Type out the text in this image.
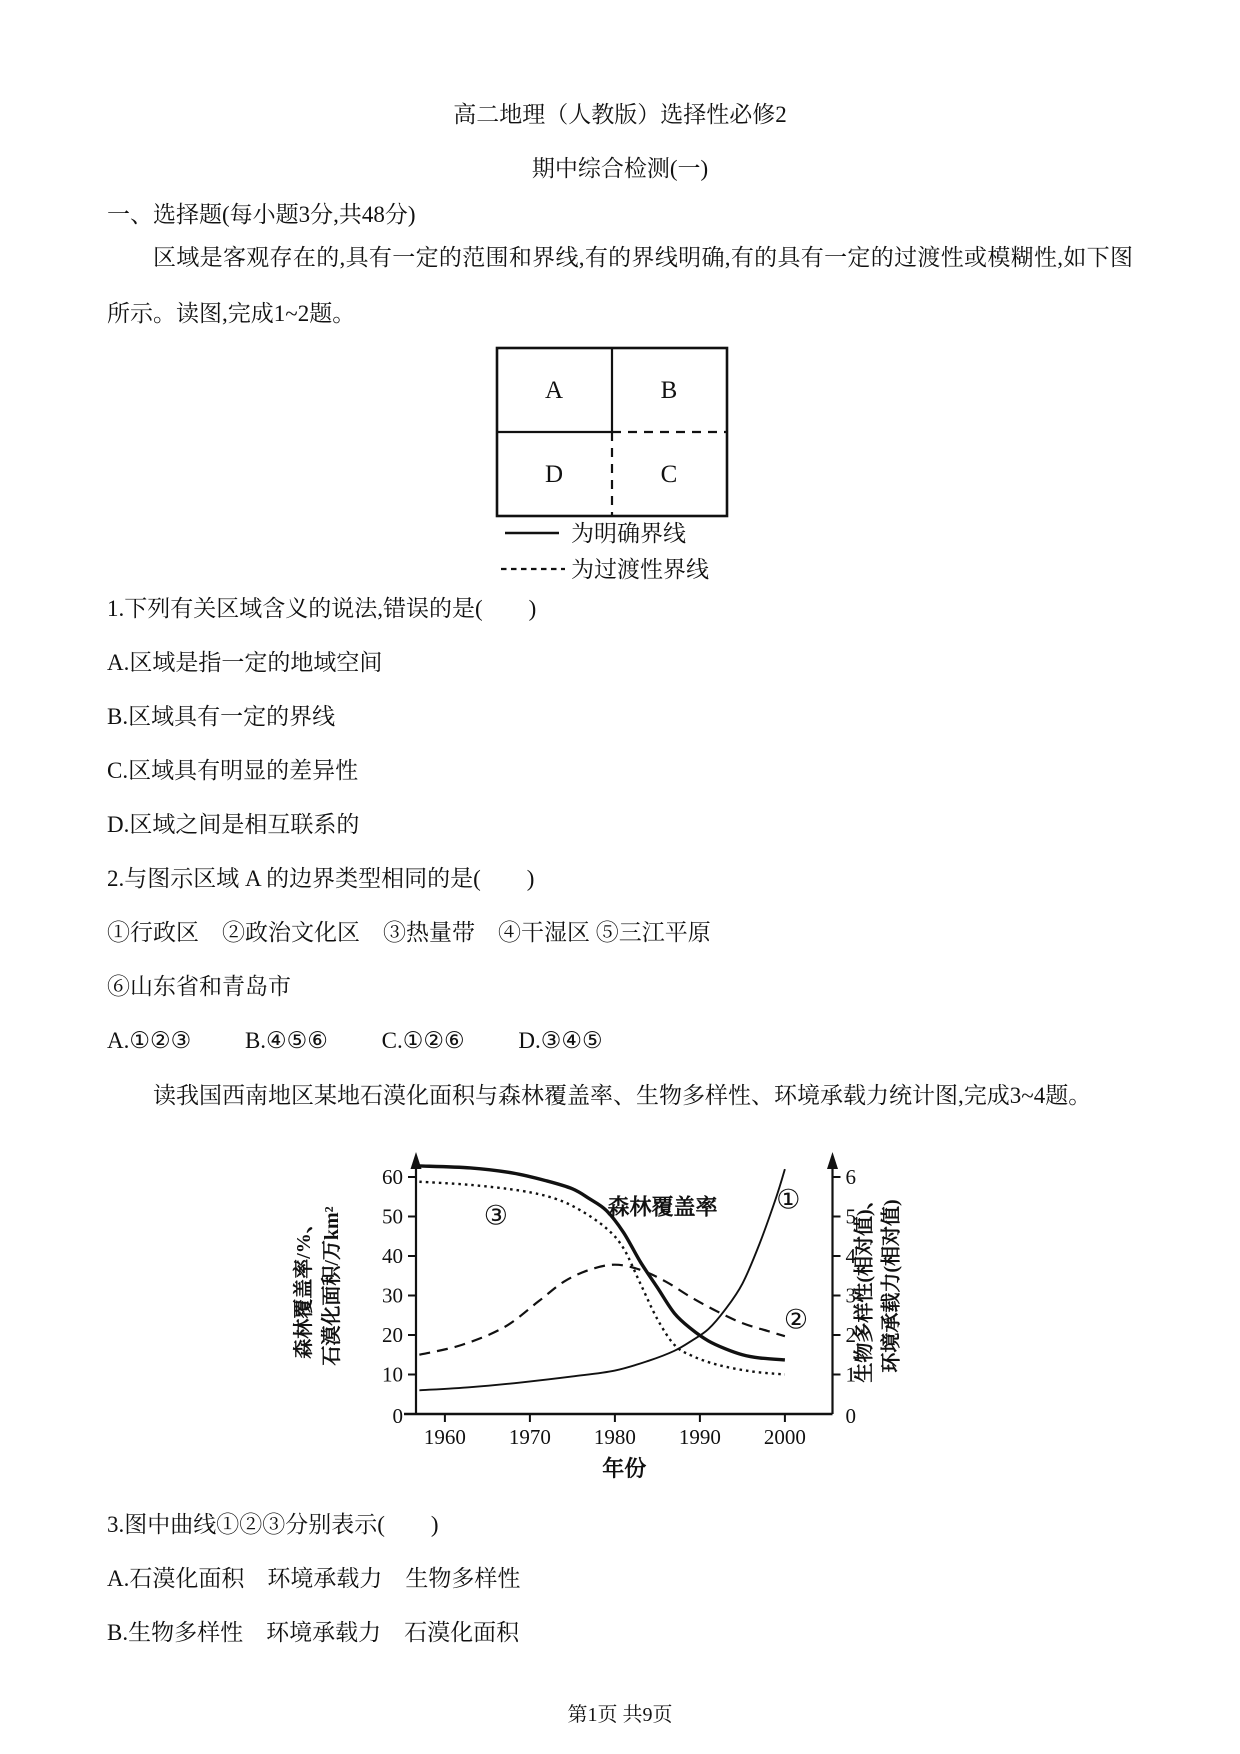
高二地理（人教版）选择性必修2
期中综合检测(一)
一、选择题(每小题3分,共48分)
区域是客观存在的,具有一定的范围和界线,有的界线明确,有的具有一定的过渡性或模糊性,如下图所示。读图,完成1~2题。
A	B
D	C
为明确界线
为过渡性界线
1.下列有关区域含义的说法,错误的是(　　)
A.区域是指一定的地域空间
B.区域具有一定的界线
C.区域具有明显的差异性
D.区域之间是相互联系的
2.与图示区域 A 的边界类型相同的是(　　)
①行政区　②政治文化区　③热量带　④干湿区 ⑤三江平原
⑥山东省和青岛市
A.①②③ B.④⑤⑥ C.①②⑥ D.③④⑤
读我国西南地区某地石漠化面积与森林覆盖率、生物多样性、环境承载力统计图,完成3~4题。
1960 1970 1980 1990 2000
年份
10
20
30
40
50
60
0
森林覆盖率/%、 石漠化面积/万km²
1
2
3
4
5
6
0
生物多样性(相对值)、 环境承载力(相对值)
③	森林覆盖率 ①
②
3.图中曲线①②③分别表示(　　)
A.石漠化面积　环境承载力　生物多样性
B.生物多样性　环境承载力　石漠化面积
第1页 共9页
